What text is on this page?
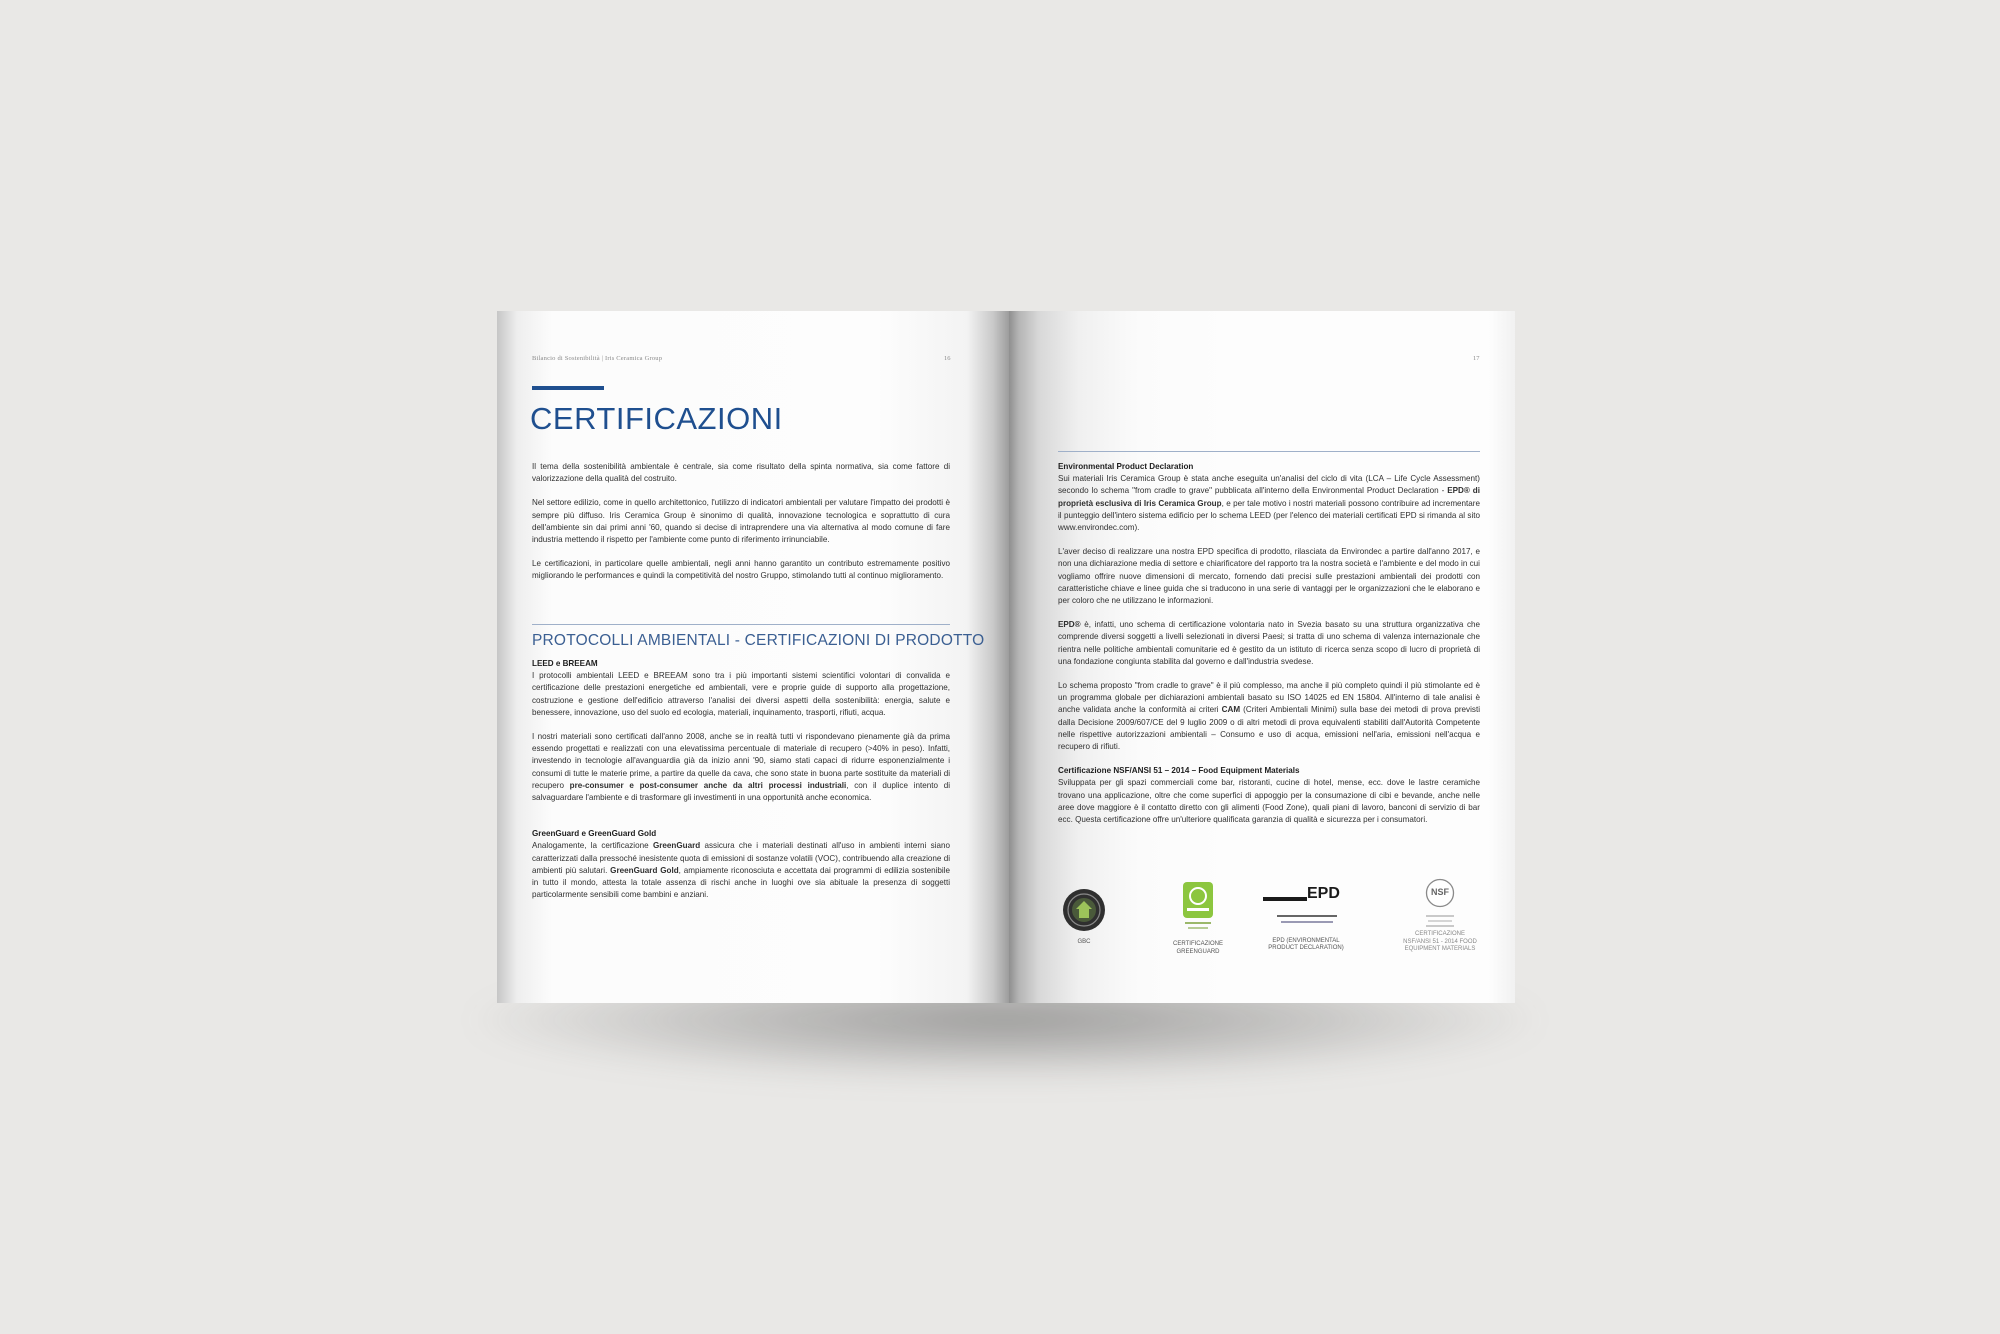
Bilancio di Sostenibilità | Iris Ceramica Group	16
CERTIFICAZIONI

Il tema della sostenibilità ambientale è centrale, sia come risultato della spinta normativa, sia come fattore di valorizzazione della qualità del costruito.

Nel settore edilizio, come in quello architettonico, l'utilizzo di indicatori ambientali per valutare l'impatto dei prodotti è sempre più diffuso. Iris Ceramica Group è sinonimo di qualità, innovazione tecnologica e soprattutto di cura dell'ambiente sin dai primi anni '60, quando si decise di intraprendere una via alternativa al modo comune di fare industria mettendo il rispetto per l'ambiente come punto di riferimento irrinunciabile.

Le certificazioni, in particolare quelle ambientali, negli anni hanno garantito un contributo estremamente positivo migliorando le performances e quindi la competitività del nostro Gruppo, stimolando tutti al continuo miglioramento.

PROTOCOLLI AMBIENTALI - CERTIFICAZIONI DI PRODOTTO
LEED e BREEAM

I protocolli ambientali LEED e BREEAM sono tra i più importanti sistemi scientifici volontari di convalida e certificazione delle prestazioni energetiche ed ambientali, vere e proprie guide di supporto alla progettazione, costruzione e gestione dell'edificio attraverso l'analisi dei diversi aspetti della sostenibilità: energia, salute e benessere, innovazione, uso del suolo ed ecologia, materiali, inquinamento, trasporti, rifiuti, acqua.

I nostri materiali sono certificati dall'anno 2008, anche se in realtà tutti vi rispondevano pienamente già da prima essendo progettati e realizzati con una elevatissima percentuale di materiale di recupero (>40% in peso). Infatti, investendo in tecnologie all'avanguardia già da inizio anni '90, siamo stati capaci di ridurre esponenzialmente i consumi di tutte le materie prime, a partire da quelle da cava, che sono state in buona parte sostituite da materiali di recupero pre-consumer e post-consumer anche da altri processi industriali, con il duplice intento di salvaguardare l'ambiente e di trasformare gli investimenti in una opportunità anche economica.

GreenGuard e GreenGuard Gold

Analogamente, la certificazione GreenGuard assicura che i materiali destinati all'uso in ambienti interni siano caratterizzati dalla pressoché inesistente quota di emissioni di sostanze volatili (VOC), contribuendo alla creazione di ambienti più salutari. GreenGuard Gold, ampiamente riconosciuta e accettata dai programmi di edilizia sostenibile in tutto il mondo, attesta la totale assenza di rischi anche in luoghi ove sia abituale la presenza di soggetti particolarmente sensibili come bambini e anziani.

17
Environmental Product Declaration

Sui materiali Iris Ceramica Group è stata anche eseguita un'analisi del ciclo di vita (LCA – Life Cycle Assessment) secondo lo schema "from cradle to grave" pubblicata all'interno della Environmental Product Declaration - EPD® di proprietà esclusiva di Iris Ceramica Group, e per tale motivo i nostri materiali possono contribuire ad incrementare il punteggio dell'intero sistema edificio per lo schema LEED (per l'elenco dei materiali certificati EPD si rimanda al sito www.environdec.com).

L'aver deciso di realizzare una nostra EPD specifica di prodotto, rilasciata da Environdec a partire dall'anno 2017, e non una dichiarazione media di settore e chiarificatore del rapporto tra la nostra società e l'ambiente e del modo in cui vogliamo offrire nuove dimensioni di mercato, fornendo dati precisi sulle prestazioni ambientali dei prodotti con caratteristiche chiave e linee guida che si traducono in una serie di vantaggi per le organizzazioni che le elaborano e per coloro che ne utilizzano le informazioni.

EPD® è, infatti, uno schema di certificazione volontaria nato in Svezia basato su una struttura organizzativa che comprende diversi soggetti a livelli selezionati in diversi Paesi; si tratta di uno schema di valenza internazionale che rientra nelle politiche ambientali comunitarie ed è gestito da un istituto di ricerca senza scopo di lucro di proprietà di una fondazione congiunta stabilita dal governo e dall'industria svedese.

Lo schema proposto "from cradle to grave" è il più complesso, ma anche il più completo quindi il più stimolante ed è un programma globale per dichiarazioni ambientali basato su ISO 14025 ed EN 15804. All'interno di tale analisi è anche validata anche la conformità ai criteri CAM (Criteri Ambientali Minimi) sulla base dei metodi di prova previsti dalla Decisione 2009/607/CE del 9 luglio 2009 o di altri metodi di prova equivalenti stabiliti dall'Autorità Competente nelle rispettive autorizzazioni ambientali – Consumo e uso di acqua, emissioni nell'aria, emissioni nell'acqua e recupero di rifiuti.

Certificazione NSF/ANSI 51 – 2014 – Food Equipment Materials

Sviluppata per gli spazi commerciali come bar, ristoranti, cucine di hotel, mense, ecc. dove le lastre ceramiche trovano una applicazione, oltre che come superfici di appoggio per la consumazione di cibi e bevande, anche nelle aree dove maggiore è il contatto diretto con gli alimenti (Food Zone), quali piani di lavoro, banconi di servizio di bar ecc. Questa certificazione offre un'ulteriore qualificata garanzia di qualità e sicurezza per i consumatori.

GBC	CERTIFICAZIONE GREENGUARD
EPD
EPD (ENVIRONMENTAL PRODUCT DECLARATION)
NSF
CERTIFICAZIONE NSF/ANSI 51 - 2014 FOOD EQUIPMENT MATERIALS
